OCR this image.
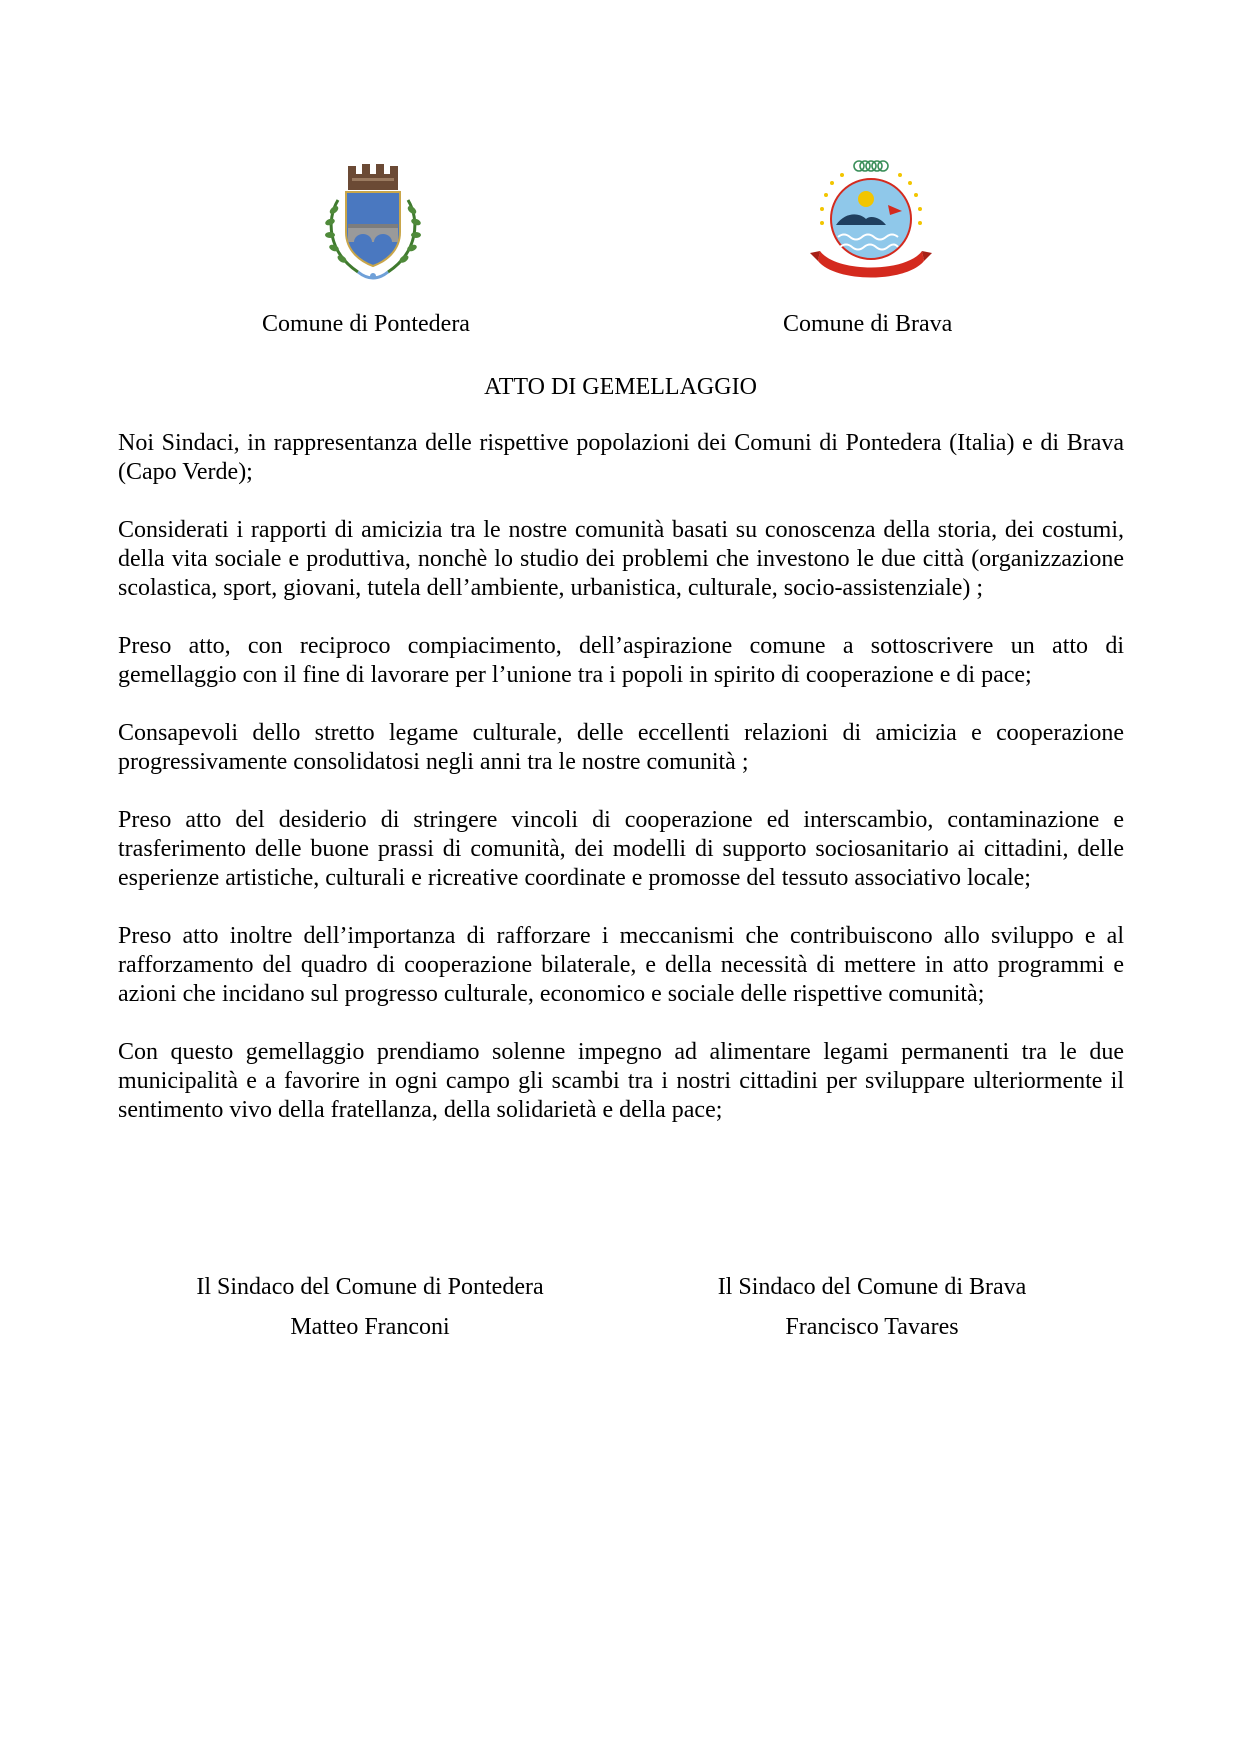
Comune di Pontedera	Comune di Brava
ATTO DI GEMELLAGGIO

Noi Sindaci, in rappresentanza delle rispettive popolazioni dei Comuni di Pontedera (Italia) e di Brava (Capo Verde);

Considerati i rapporti di amicizia tra le nostre comunità basati su conoscenza della storia, dei costumi, della vita sociale e produttiva, nonchè lo studio dei problemi che investono le due città (organizzazione scolastica, sport, giovani, tutela dell’ambiente, urbanistica, culturale, socio-assistenziale) ;

Preso atto, con reciproco compiacimento, dell’aspirazione comune a sottoscrivere un atto di gemellaggio con il fine di lavorare per l’unione tra i popoli in spirito di cooperazione e di pace;

Consapevoli dello stretto legame culturale, delle eccellenti relazioni di amicizia e cooperazione progressivamente consolidatosi negli anni tra le nostre comunità ;

Preso atto del desiderio di stringere vincoli di cooperazione ed interscambio, contaminazione e trasferimento delle buone prassi di comunità, dei modelli di supporto sociosanitario ai cittadini, delle esperienze artistiche, culturali e ricreative coordinate e promosse del tessuto associativo locale;

Preso atto inoltre dell’importanza di rafforzare i meccanismi che contribuiscono allo sviluppo e al rafforzamento del quadro di cooperazione bilaterale, e della necessità di mettere in atto programmi e azioni che incidano sul progresso culturale, economico e sociale delle rispettive comunità;

Con questo gemellaggio prendiamo solenne impegno ad alimentare legami permanenti tra le due municipalità e a favorire in ogni campo gli scambi tra i nostri cittadini per sviluppare ulteriormente il sentimento vivo della fratellanza, della solidarietà e della pace;

Il Sindaco del Comune di Pontedera
Matteo Franconi
Il Sindaco del Comune di Brava
Francisco Tavares
